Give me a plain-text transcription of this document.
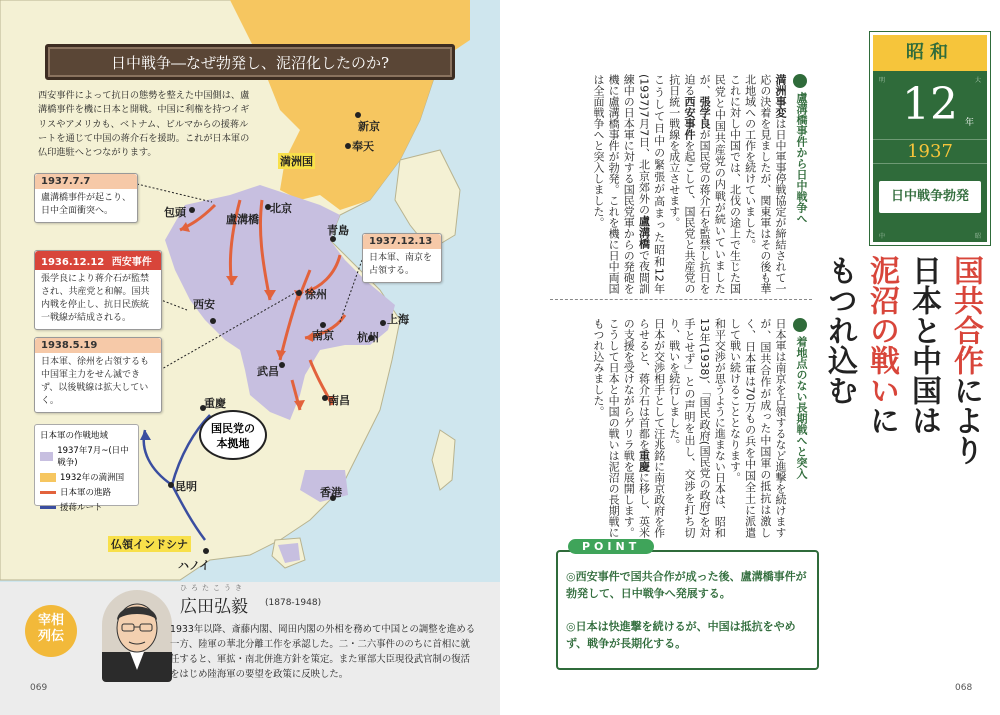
新京
奉天
満洲国
包頭	北京
盧溝橋
青島
西安
徐州
南京
上海
杭州
武昌
南昌
重慶
昆明	香港
ハノイ
日中戦争―なぜ勃発し、泥沼化したのか?
西安事件によって抗日の態勢を整えた中国側は、盧溝橋事件を機に日本と開戦。中国に利権を持つイギリスやアメリカも、ベトナム、ビルマからの援蒋ルートを通じて中国の蒋介石を援助。これが日本軍の仏印進駐へとつながります。
1937.7.7
盧溝橋事件が起こり、日中全面衝突へ。
1936.12.12 西安事件
張学良により蒋介石が監禁され、共産党と和解。国共内戦を停止し、抗日民族統一戦線が結成される。
1938.5.19
日本軍、徐州を占領するも中国軍主力をせん滅できず、以後戦線は拡大していく。
1937.12.13
日本軍、南京を占領する。
日本軍の作戦地域
1937年7月~(日中戦争)
1932年の満洲国
日本軍の進路
援蒋ルート
国民党の
本拠地
仏領インドシナ
宰相
列伝
ひろたこうき
広田弘毅 (1878-1948)
1933年以降、斎藤内閣、岡田内閣の外相を務めて中国との調整を進める一方、陸軍の華北分離工作を承認した。二・二六事件ののちに首相に就任すると、軍拡・南北併進方針を策定。また軍部大臣現役武官制の復活をはじめ陸海軍の要望を政策に反映した。
069
昭和
明	大
12 年
1937
日中戦争勃発
中	昭
国共合作により
日本と中国は
泥沼の戦いに
もつれ込む
盧溝橋事件から日中戦争へ
満洲事変は日中軍事停戦協定が締結されて一応の決着を見ましたが、関東軍はその後も華北地域への工作を続けていました。
これに対し中国では、北伐の途上で生じた国民党と中国共産党の内戦が続いていましたが、張学良が国民党の蒋介石を監禁し抗日を迫る西安事件を起こして、国民党と共産党の抗日統一戦線を成立させます。
こうして日中の緊張が高まった昭和12年(1937)7月7日、北京郊外の盧溝橋で夜間訓練中の日本軍に対する国民党軍からの発砲を機に盧溝橋事件が勃発。これを機に日中両国は全面戦争へと突入しました。
着地点のない長期戦へと突入
日本軍は南京を占領するなど進撃を続けますが、国共合作が成った中国軍の抵抗は激しく、日本軍は70万もの兵を中国全土に派遣して戦い続けることとなります。
和平交渉が思うように進まない日本は、昭和13年(1938)、「国民政府(国民党の政府)を対手とせず」との声明を出し、交渉を打ち切り、戦いを続行しました。
日本が交渉相手として汪兆銘に南京政府を作らせると、蒋介石は首都を重慶に移し、英米の支援を受けながらゲリラ戦を展開します。こうして日本と中国の戦いは泥沼の長期戦にもつれ込みました。
POINT
◎西安事件で国共合作が成った後、盧溝橋事件が勃発して、日中戦争へ発展する。
◎日本は快進撃を続けるが、中国は抵抗をやめず、戦争が長期化する。
068
